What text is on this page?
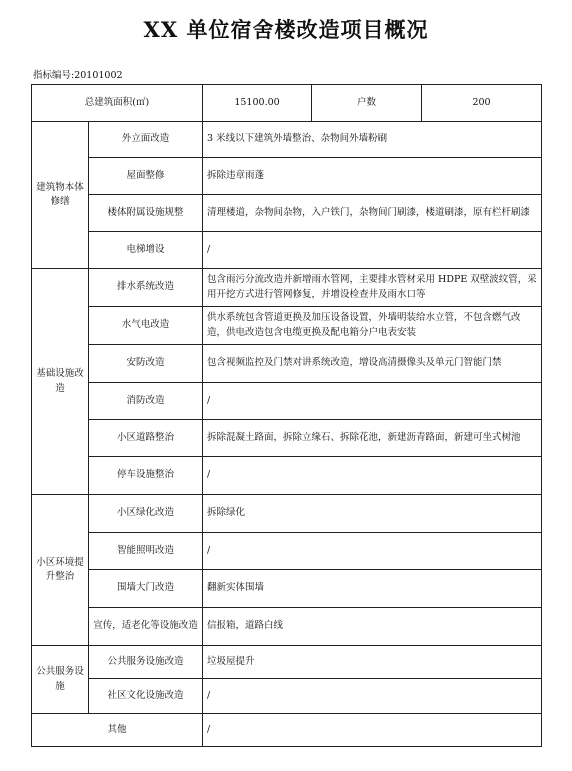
XX 单位宿舍楼改造项目概况
指标编号:20101002
总建筑面积(㎡)		15100.00	户数	200
建筑物本体修缮	外立面改造	3 米线以下建筑外墙整治、杂物间外墙粉刷		
	屋面整修	拆除违章雨蓬		
	楼体附属设施规整	清理楼道，杂物间杂物，入户铁门，杂物间门刷漆，楼道刷漆，原有栏杆刷漆		
	电梯增设	/		
基础设施改造	排水系统改造	包含雨污分流改造并新增雨水管网，主要排水管材采用 HDPE 双壁波纹管，采用开挖方式进行管网修复，并增设检查井及雨水口等		
	水气电改造	供水系统包含管道更换及加压设备设置，外墙明装给水立管，不包含燃气改造，供电改造包含电缆更换及配电箱分户电表安装		
	安防改造	包含视频监控及门禁对讲系统改造，增设高清摄像头及单元门智能门禁		
	消防改造	/		
	小区道路整治	拆除混凝土路面，拆除立缘石、拆除花池，新建沥青路面，新建可坐式树池		
	停车设施整治	/		
小区环境提升整治	小区绿化改造	拆除绿化		
	智能照明改造	/		
	围墙大门改造	翻新实体围墙		
	宣传，适老化等设施改造	信报箱，道路白线		
公共服务设施	公共服务设施改造	垃圾屋提升		
	社区文化设施改造	/		
其他		/		
